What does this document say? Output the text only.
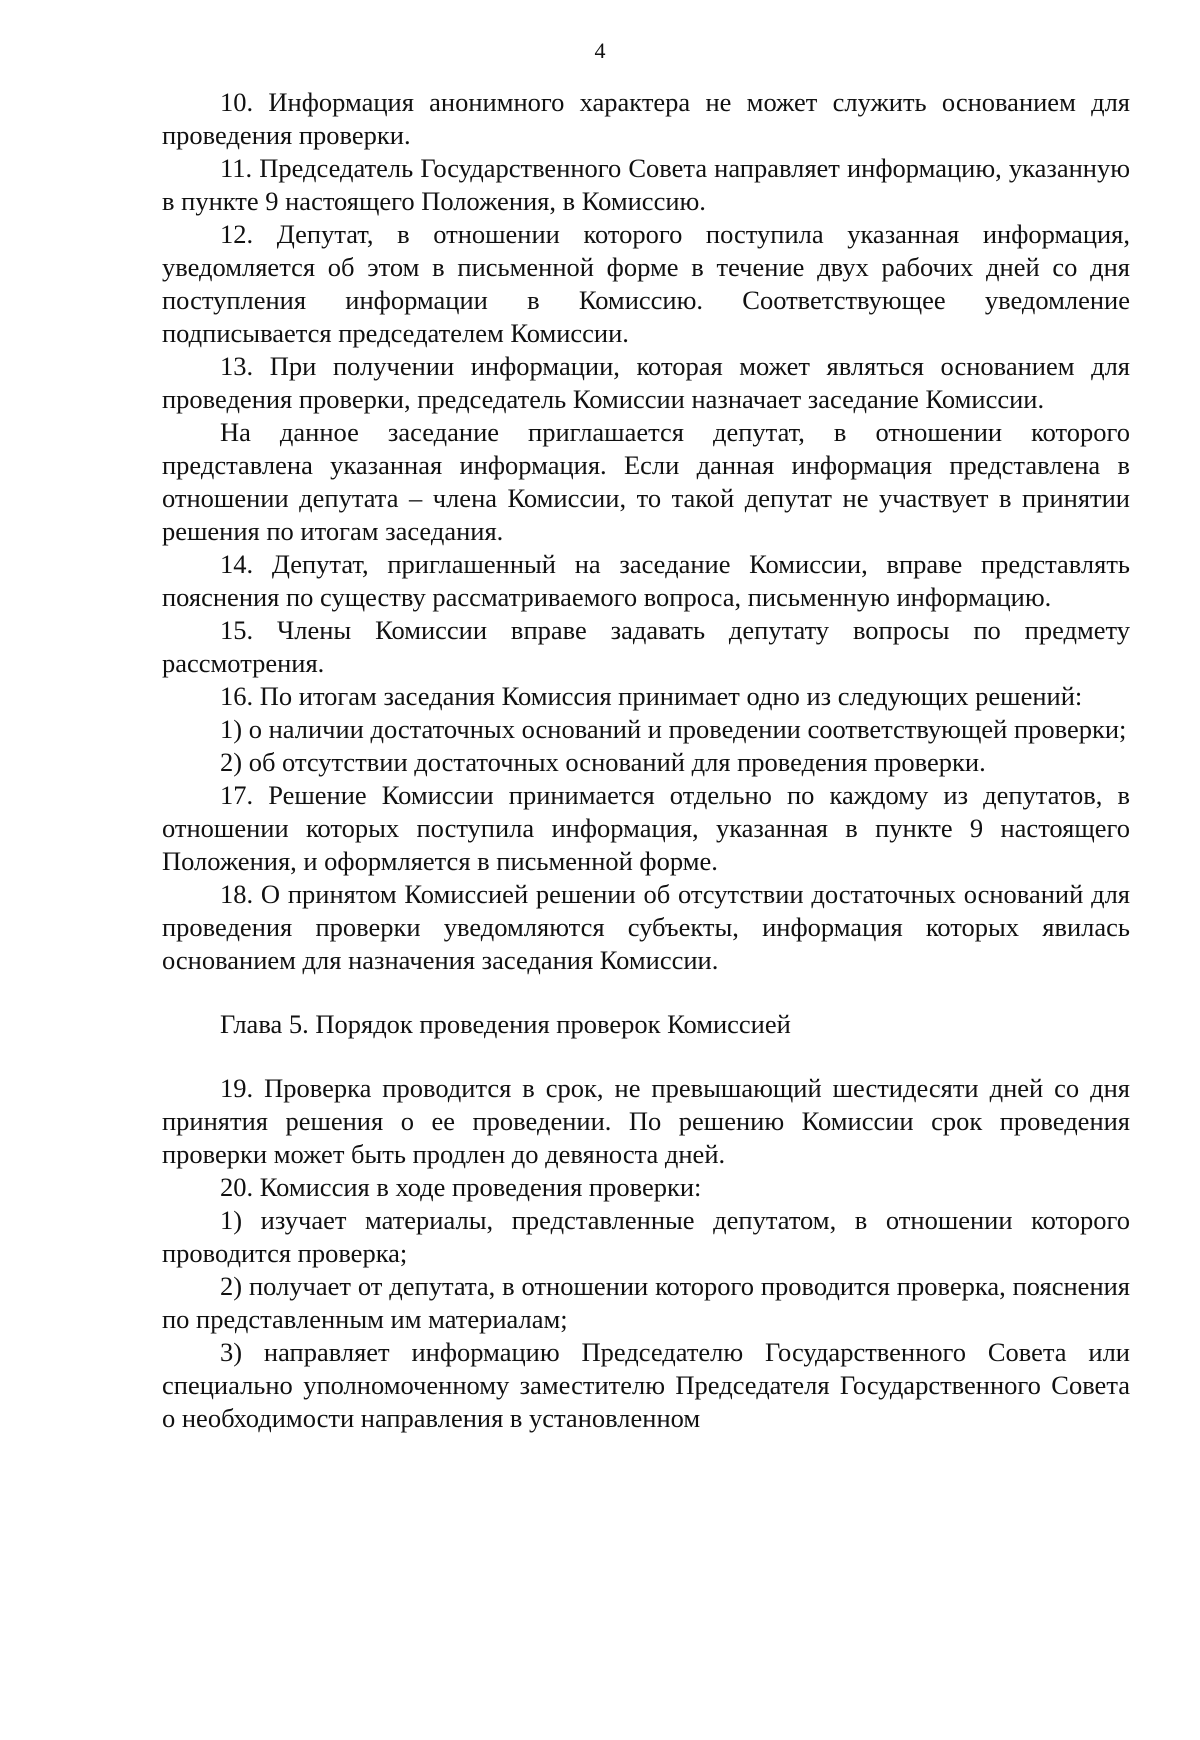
4

10. Информация анонимного характера не может служить основанием для проведения проверки.

11. Председатель Государственного Совета направляет информацию, указанную в пункте 9 настоящего Положения, в Комиссию.

12. Депутат, в отношении которого поступила указанная информация, уведомляется об этом в письменной форме в течение двух рабочих дней со дня поступления информации в Комиссию. Соответствующее уведомление подписывается председателем Комиссии.

13. При получении информации, которая может являться основанием для проведения проверки, председатель Комиссии назначает заседание Комиссии.

На данное заседание приглашается депутат, в отношении которого представлена указанная информация. Если данная информация представлена в отношении депутата – члена Комиссии, то такой депутат не участвует в принятии решения по итогам заседания.

14. Депутат, приглашенный на заседание Комиссии, вправе представлять пояснения по существу рассматриваемого вопроса, письменную информацию.

15. Члены Комиссии вправе задавать депутату вопросы по предмету рассмотрения.

16. По итогам заседания Комиссия принимает одно из следующих решений:

1) о наличии достаточных оснований и проведении соответствующей проверки;

2) об отсутствии достаточных оснований для проведения проверки.

17. Решение Комиссии принимается отдельно по каждому из депутатов, в отношении которых поступила информация, указанная в пункте 9 настоящего Положения, и оформляется в письменной форме.

18. О принятом Комиссией решении об отсутствии достаточных оснований для проведения проверки уведомляются субъекты, информация которых явилась основанием для назначения заседания Комиссии.

Глава 5. Порядок проведения проверок Комиссией

19. Проверка проводится в срок, не превышающий шестидесяти дней со дня принятия решения о ее проведении. По решению Комиссии срок проведения проверки может быть продлен до девяноста дней.

20. Комиссия в ходе проведения проверки:

1) изучает материалы, представленные депутатом, в отношении которого проводится проверка;

2) получает от депутата, в отношении которого проводится проверка, пояснения по представленным им материалам;

3) направляет информацию Председателю Государственного Совета или специально уполномоченному заместителю Председателя Государственного Совета о необходимости направления в установленном
